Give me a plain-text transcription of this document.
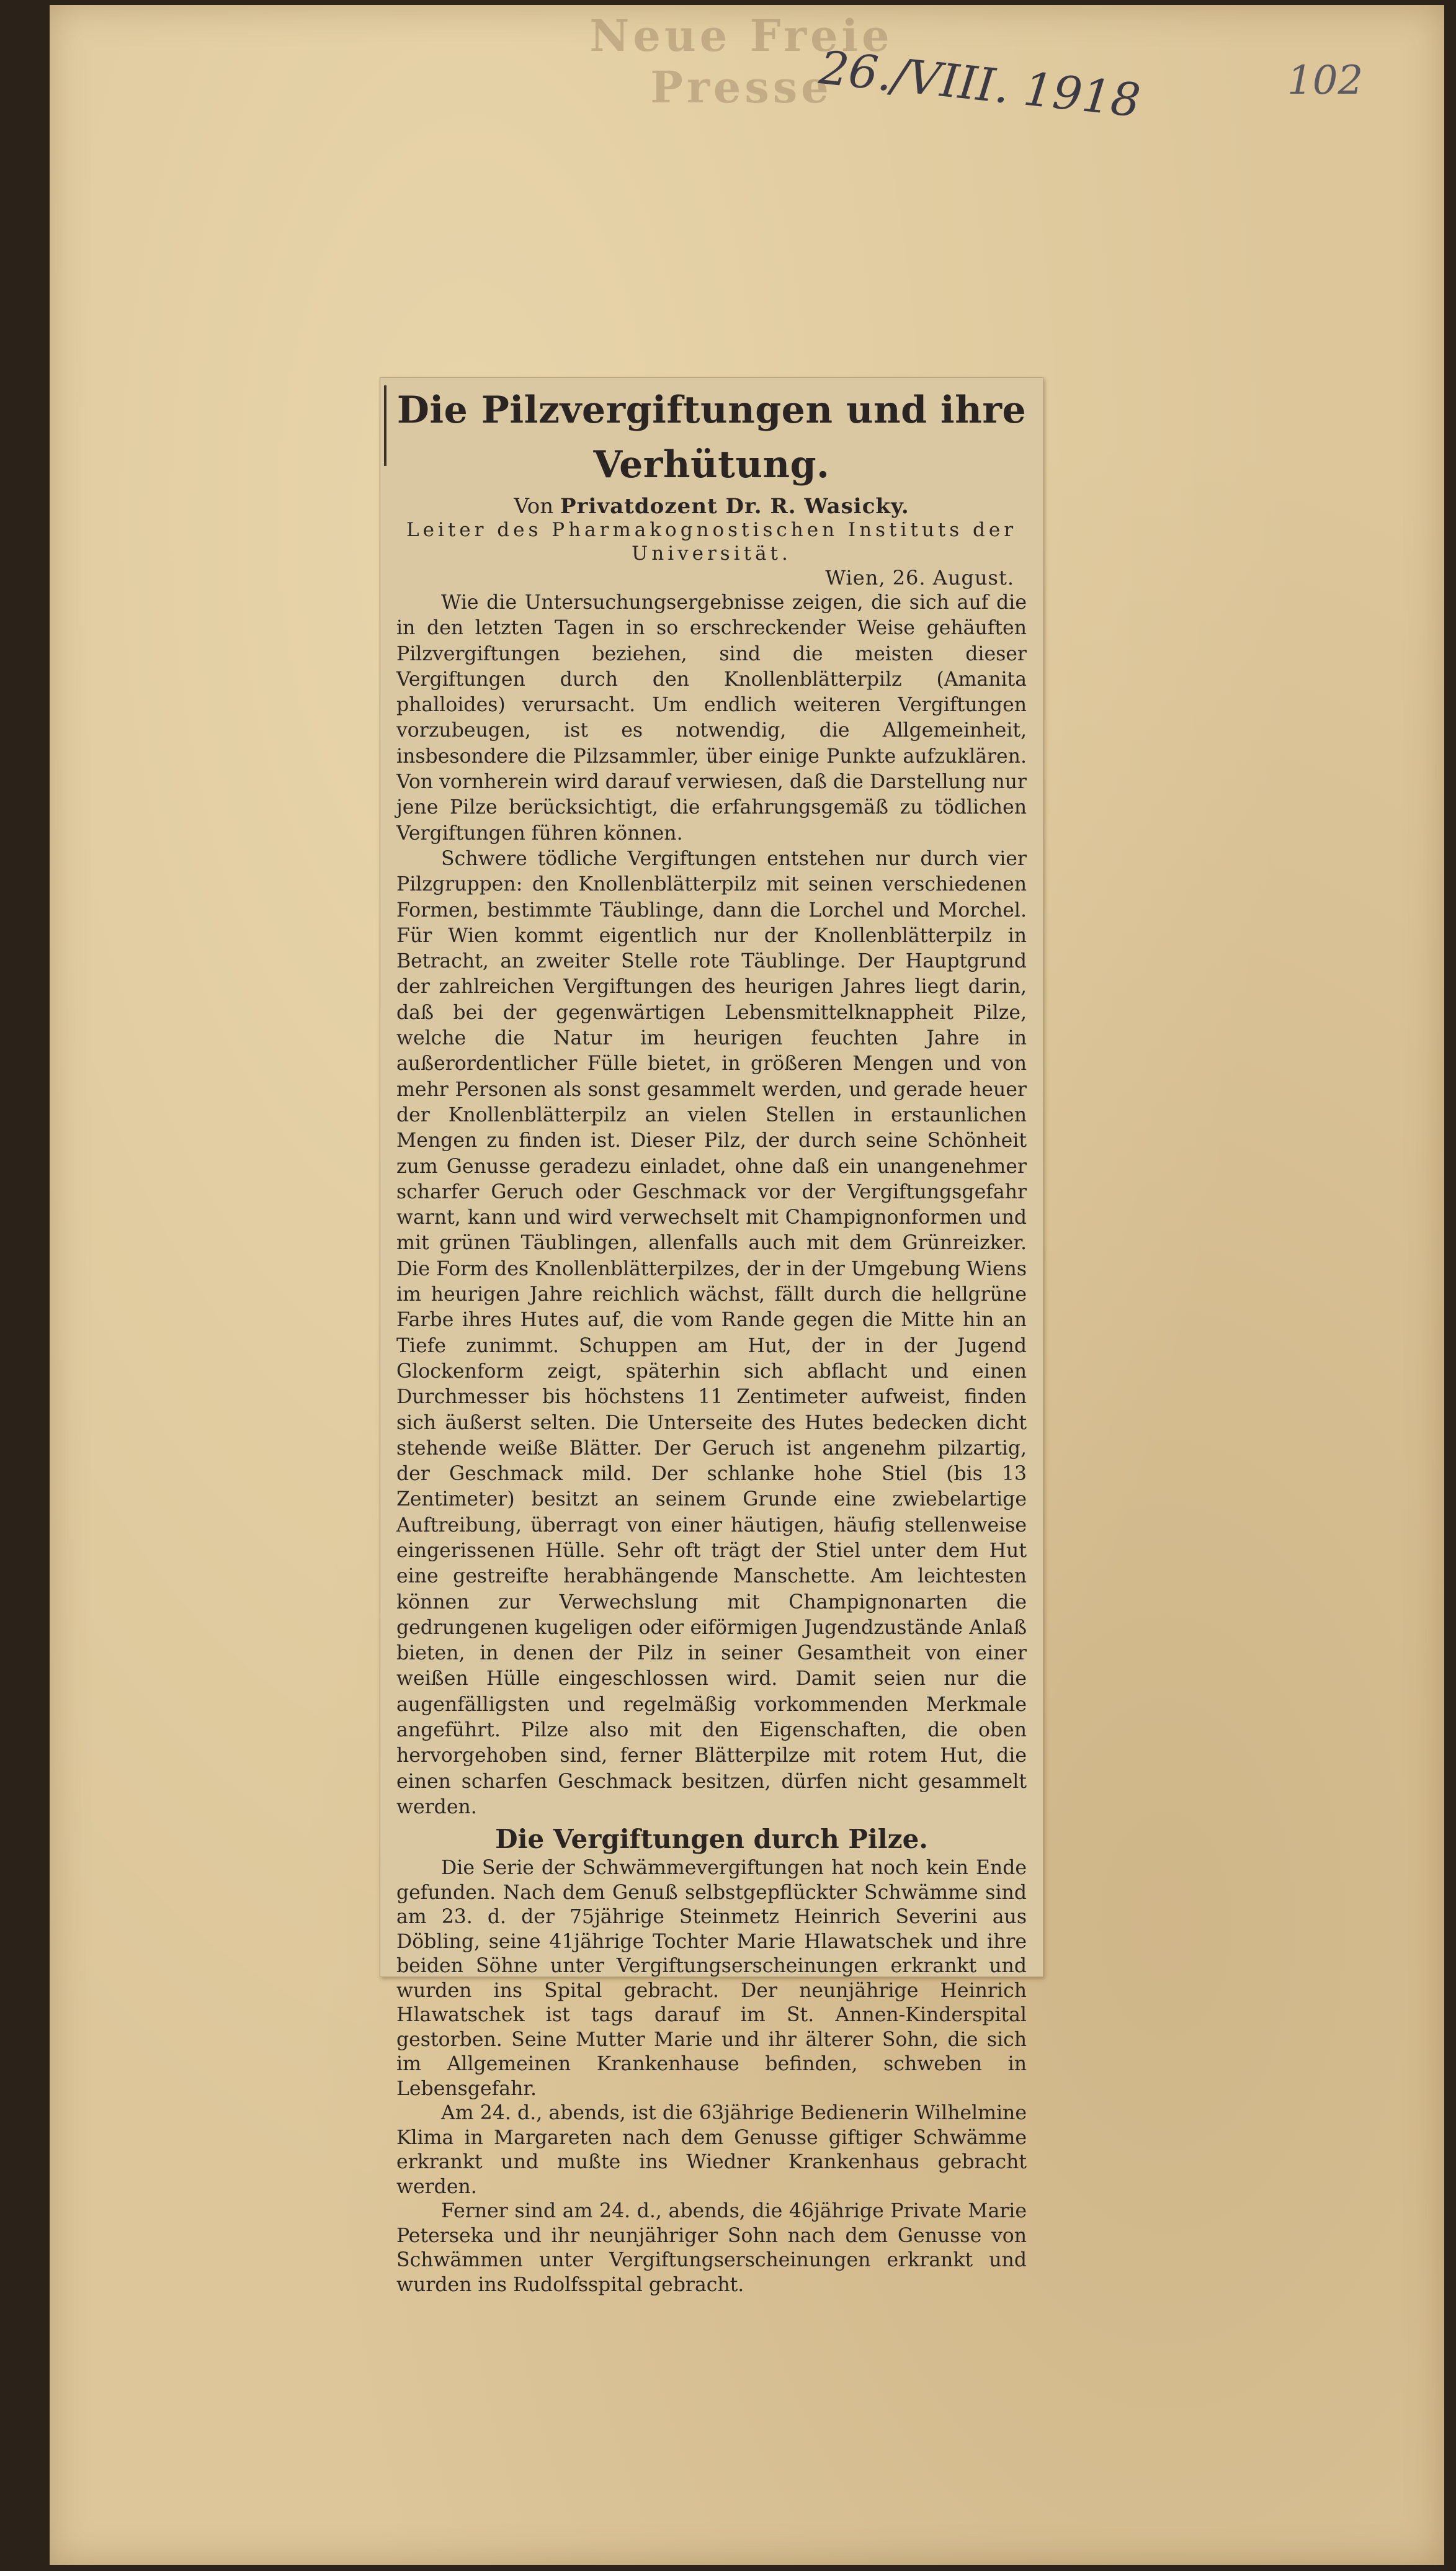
Neue Freie Presse
26./VIII. 1918	102
Die Pilzvergiftungen und ihre Verhütung.
Von Privatdozent Dr. R. Wasicky.
Leiter des Pharmakognostischen Instituts der
Universität.
Wien, 26. August.

Wie die Untersuchungsergebnisse zeigen, die sich auf die in den letzten Tagen in so erschreckender Weise gehäuften Pilzvergiftungen beziehen, sind die meisten dieser Vergiftungen durch den Knollenblätterpilz (Amanita phalloides) verursacht. Um endlich weiteren Vergiftungen vorzubeugen, ist es notwendig, die Allgemeinheit, insbesondere die Pilzsammler, über einige Punkte aufzuklären. Von vornherein wird darauf verwiesen, daß die Darstellung nur jene Pilze berücksichtigt, die erfahrungsgemäß zu tödlichen Vergiftungen führen können.

Schwere tödliche Vergiftungen entstehen nur durch vier Pilzgruppen: den Knollenblätterpilz mit seinen verschiedenen Formen, bestimmte Täublinge, dann die Lorchel und Morchel. Für Wien kommt eigentlich nur der Knollenblätterpilz in Betracht, an zweiter Stelle rote Täublinge. Der Hauptgrund der zahlreichen Vergiftungen des heurigen Jahres liegt darin, daß bei der gegenwärtigen Lebensmittelknappheit Pilze, welche die Natur im heurigen feuchten Jahre in außerordentlicher Fülle bietet, in größeren Mengen und von mehr Personen als sonst gesammelt werden, und gerade heuer der Knollenblätterpilz an vielen Stellen in erstaunlichen Mengen zu finden ist. Dieser Pilz, der durch seine Schönheit zum Genusse geradezu einladet, ohne daß ein unangenehmer scharfer Geruch oder Geschmack vor der Vergiftungsgefahr warnt, kann und wird verwechselt mit Champignonformen und mit grünen Täublingen, allenfalls auch mit dem Grünreizker. Die Form des Knollenblätterpilzes, der in der Umgebung Wiens im heurigen Jahre reichlich wächst, fällt durch die hellgrüne Farbe ihres Hutes auf, die vom Rande gegen die Mitte hin an Tiefe zunimmt. Schuppen am Hut, der in der Jugend Glockenform zeigt, späterhin sich abflacht und einen Durchmesser bis höchstens 11 Zentimeter aufweist, finden sich äußerst selten. Die Unterseite des Hutes bedecken dicht stehende weiße Blätter. Der Geruch ist angenehm pilzartig, der Geschmack mild. Der schlanke hohe Stiel (bis 13 Zentimeter) besitzt an seinem Grunde eine zwiebelartige Auftreibung, überragt von einer häutigen, häufig stellenweise eingerissenen Hülle. Sehr oft trägt der Stiel unter dem Hut eine gestreifte herabhängende Manschette. Am leichtesten können zur Verwechslung mit Champignonarten die gedrungenen kugeligen oder eiförmigen Jugendzustände Anlaß bieten, in denen der Pilz in seiner Gesamtheit von einer weißen Hülle eingeschlossen wird. Damit seien nur die augenfälligsten und regelmäßig vorkommenden Merkmale angeführt. Pilze also mit den Eigenschaften, die oben hervorgehoben sind, ferner Blätterpilze mit rotem Hut, die einen scharfen Geschmack besitzen, dürfen nicht gesammelt werden.

Die Vergiftungen durch Pilze.

Die Serie der Schwämmevergiftungen hat noch kein Ende gefunden. Nach dem Genuß selbstgepflückter Schwämme sind am 23. d. der 75jährige Steinmetz Heinrich Severini aus Döbling, seine 41jährige Tochter Marie Hlawatschek und ihre beiden Söhne unter Vergiftungserscheinungen erkrankt und wurden ins Spital gebracht. Der neunjährige Heinrich Hlawatschek ist tags darauf im St. Annen-Kinderspital gestorben. Seine Mutter Marie und ihr älterer Sohn, die sich im Allgemeinen Krankenhause befinden, schweben in Lebensgefahr.

Am 24. d., abends, ist die 63jährige Bedienerin Wilhelmine Klima in Margareten nach dem Genusse giftiger Schwämme erkrankt und mußte ins Wiedner Krankenhaus gebracht werden.

Ferner sind am 24. d., abends, die 46jährige Private Marie Peterseka und ihr neunjähriger Sohn nach dem Genusse von Schwämmen unter Vergiftungserscheinungen erkrankt und wurden ins Rudolfsspital gebracht.
